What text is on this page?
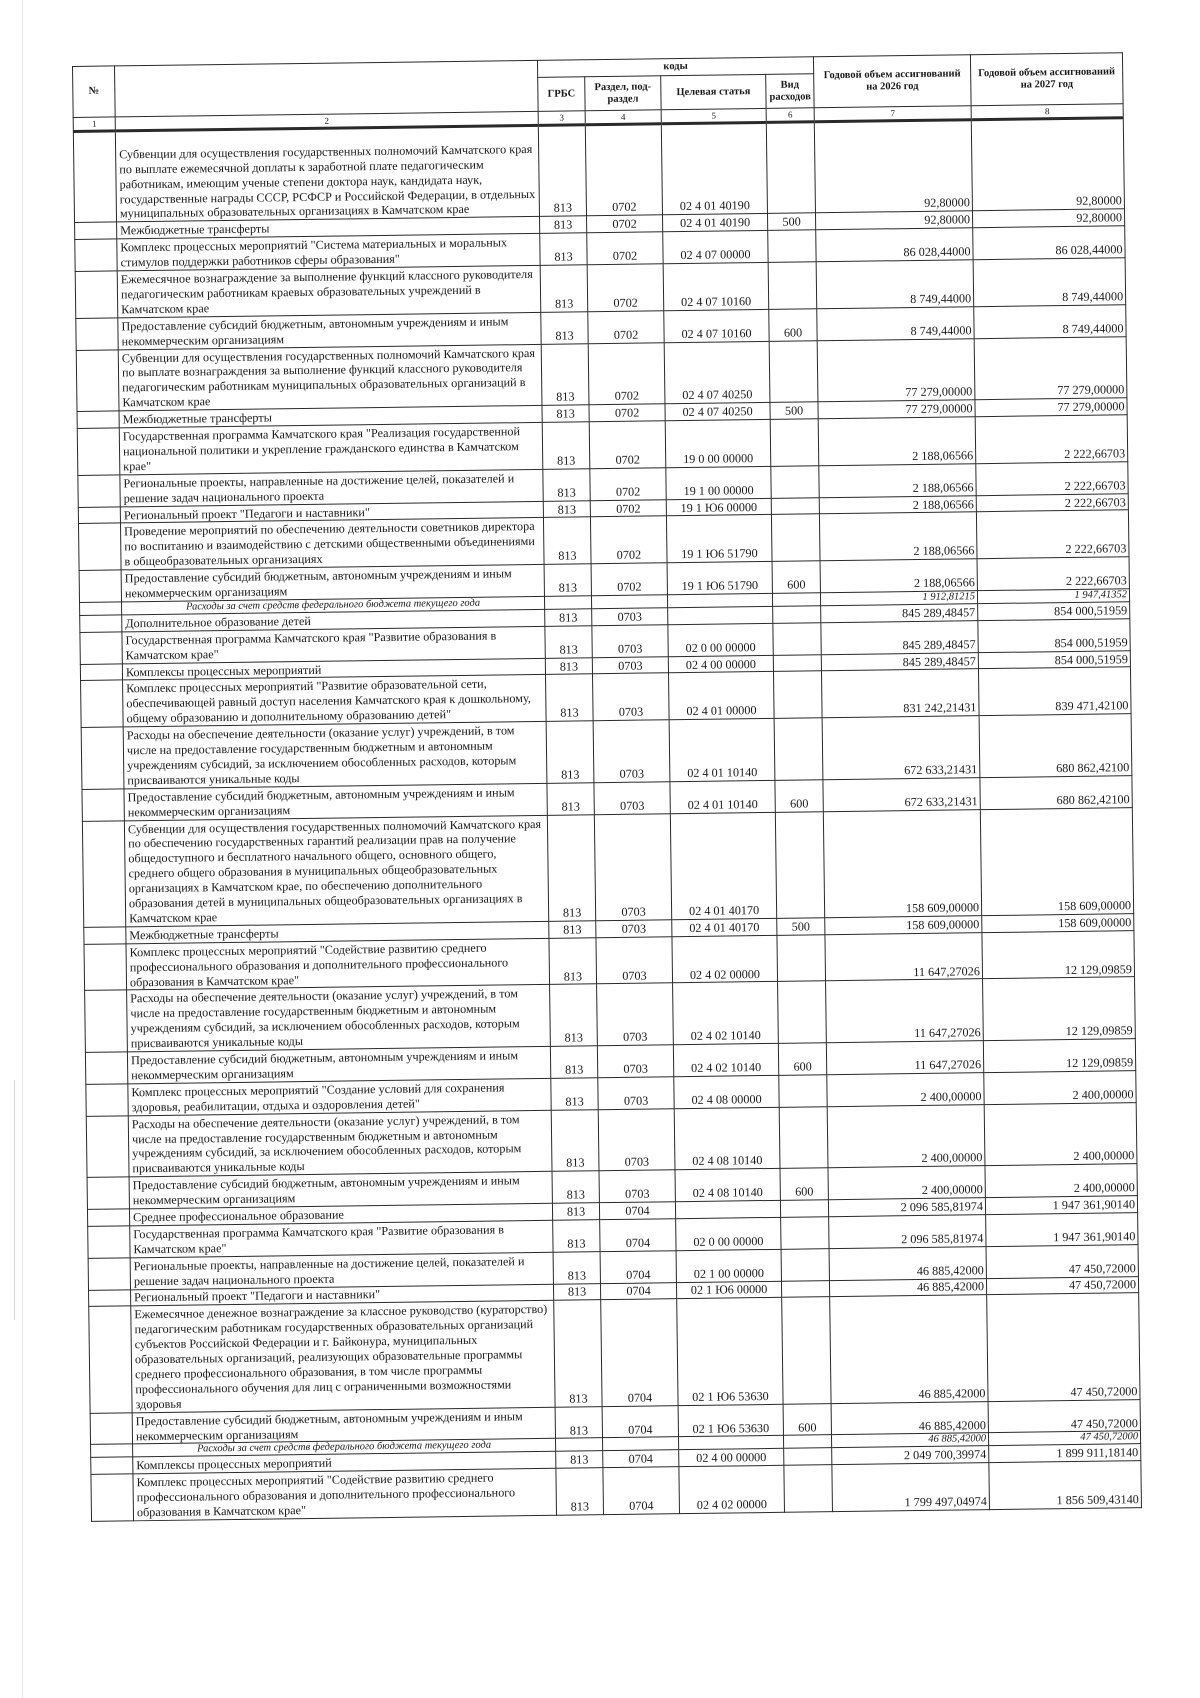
№		коды				Годовой объем ассигнований на 2026 год	Годовой объем ассигнований на 2027 год
		ГРБС	Раздел, под-раздел	Целевая статья	Вид расходов		
1	2	3	4	5	6	7	8
	Субвенции для осуществления государственных полномочий Камчатского края по выплате ежемесячной доплаты к заработной плате педагогическим работникам, имеющим ученые степени доктора наук, кандидата наук, государственные награды СССР, РСФСР и Российской Федерации, в отдельных муниципальных образовательных организациях в Камчатском крае	813	0702	02 4 01 40190		92,80000	92,80000
	Межбюджетные трансферты	813	0702	02 4 01 40190	500	92,80000	92,80000
	Комплекс процессных мероприятий "Система материальных и моральных стимулов поддержки работников сферы образования"	813	0702	02 4 07 00000		86 028,44000	86 028,44000
	Ежемесячное вознаграждение за выполнение функций классного руководителя педагогическим работникам краевых образовательных учреждений в Камчатском крае	813	0702	02 4 07 10160		8 749,44000	8 749,44000
	Предоставление субсидий бюджетным, автономным учреждениям и иным некоммерческим организациям	813	0702	02 4 07 10160	600	8 749,44000	8 749,44000
	Субвенции для осуществления государственных полномочий Камчатского края по выплате вознаграждения за выполнение функций классного руководителя педагогическим работникам муниципальных образовательных организаций в Камчатском крае	813	0702	02 4 07 40250		77 279,00000	77 279,00000
	Межбюджетные трансферты	813	0702	02 4 07 40250	500	77 279,00000	77 279,00000
	Государственная программа Камчатского края "Реализация государственной национальной политики и укрепление гражданского единства в Камчатском крае"	813	0702	19 0 00 00000		2 188,06566	2 222,66703
	Региональные проекты, направленные на достижение целей, показателей и решение задач национального проекта	813	0702	19 1 00 00000		2 188,06566	2 222,66703
	Региональный проект "Педагоги и наставники"	813	0702	19 1 Ю6 00000		2 188,06566	2 222,66703
	Проведение мероприятий по обеспечению деятельности советников директора по воспитанию и взаимодействию с детскими общественными объединениями в общеобразовательных организациях	813	0702	19 1 Ю6 51790		2 188,06566	2 222,66703
	Предоставление субсидий бюджетным, автономным учреждениям и иным некоммерческим организациям	813	0702	19 1 Ю6 51790	600	2 188,06566	2 222,66703
	Расходы за счет средств федерального бюджета текущего года					1 912,81215	1 947,41352
	Дополнительное образование детей	813	0703			845 289,48457	854 000,51959
	Государственная программа Камчатского края "Развитие образования в Камчатском крае"	813	0703	02 0 00 00000		845 289,48457	854 000,51959
	Комплексы процессных мероприятий	813	0703	02 4 00 00000		845 289,48457	854 000,51959
	Комплекс процессных мероприятий "Развитие образовательной сети, обеспечивающей равный доступ населения Камчатского края к дошкольному, общему образованию и дополнительному образованию детей"	813	0703	02 4 01 00000		831 242,21431	839 471,42100
	Расходы на обеспечение деятельности (оказание услуг) учреждений, в том числе на предоставление государственным бюджетным и автономным учреждениям субсидий, за исключением обособленных расходов, которым присваиваются уникальные коды	813	0703	02 4 01 10140		672 633,21431	680 862,42100
	Предоставление субсидий бюджетным, автономным учреждениям и иным некоммерческим организациям	813	0703	02 4 01 10140	600	672 633,21431	680 862,42100
	Субвенции для осуществления государственных полномочий Камчатского края по обеспечению государственных гарантий реализации прав на получение общедоступного и бесплатного начального общего, основного общего, среднего общего образования в муниципальных общеобразовательных организациях в Камчатском крае, по обеспечению дополнительного образования детей в муниципальных общеобразовательных организациях в Камчатском крае	813	0703	02 4 01 40170		158 609,00000	158 609,00000
	Межбюджетные трансферты	813	0703	02 4 01 40170	500	158 609,00000	158 609,00000
	Комплекс процессных мероприятий "Содействие развитию среднего профессионального образования и дополнительного профессионального образования в Камчатском крае"	813	0703	02 4 02 00000		11 647,27026	12 129,09859
	Расходы на обеспечение деятельности (оказание услуг) учреждений, в том числе на предоставление государственным бюджетным и автономным учреждениям субсидий, за исключением обособленных расходов, которым присваиваются уникальные коды	813	0703	02 4 02 10140		11 647,27026	12 129,09859
	Предоставление субсидий бюджетным, автономным учреждениям и иным некоммерческим организациям	813	0703	02 4 02 10140	600	11 647,27026	12 129,09859
	Комплекс процессных мероприятий "Создание условий для сохранения здоровья, реабилитации, отдыха и оздоровления детей"	813	0703	02 4 08 00000		2 400,00000	2 400,00000
	Расходы на обеспечение деятельности (оказание услуг) учреждений, в том числе на предоставление государственным бюджетным и автономным учреждениям субсидий, за исключением обособленных расходов, которым присваиваются уникальные коды	813	0703	02 4 08 10140		2 400,00000	2 400,00000
	Предоставление субсидий бюджетным, автономным учреждениям и иным некоммерческим организациям	813	0703	02 4 08 10140	600	2 400,00000	2 400,00000
	Среднее профессиональное образование	813	0704			2 096 585,81974	1 947 361,90140
	Государственная программа Камчатского края "Развитие образования в Камчатском крае"	813	0704	02 0 00 00000		2 096 585,81974	1 947 361,90140
	Региональные проекты, направленные на достижение целей, показателей и решение задач национального проекта	813	0704	02 1 00 00000		46 885,42000	47 450,72000
	Региональный проект "Педагоги и наставники"	813	0704	02 1 Ю6 00000		46 885,42000	47 450,72000
	Ежемесячное денежное вознаграждение за классное руководство (кураторство) педагогическим работникам государственных образовательных организаций субъектов Российской Федерации и г. Байконура, муниципальных образовательных организаций, реализующих образовательные программы среднего профессионального образования, в том числе программы профессионального обучения для лиц с ограниченными возможностями здоровья	813	0704	02 1 Ю6 53630		46 885,42000	47 450,72000
	Предоставление субсидий бюджетным, автономным учреждениям и иным некоммерческим организациям	813	0704	02 1 Ю6 53630	600	46 885,42000	47 450,72000
	Расходы за счет средств федерального бюджета текущего года					46 885,42000	47 450,72000
	Комплексы процессных мероприятий	813	0704	02 4 00 00000		2 049 700,39974	1 899 911,18140
	Комплекс процессных мероприятий "Содействие развитию среднего профессионального образования и дополнительного профессионального образования в Камчатском крае"	813	0704	02 4 02 00000		1 799 497,04974	1 856 509,43140
